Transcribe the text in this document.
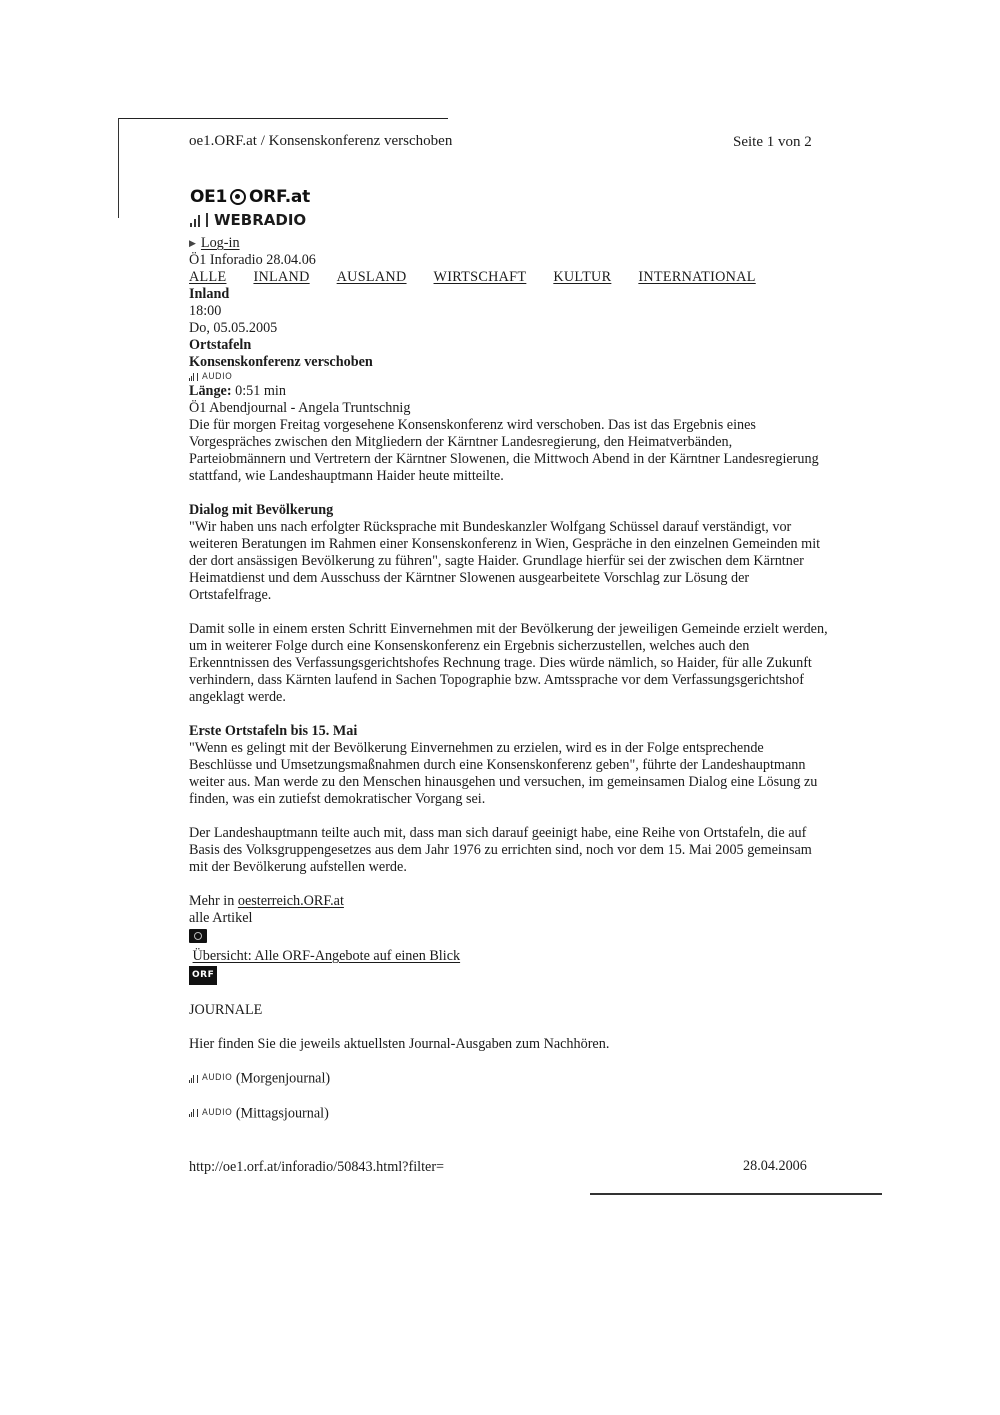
oe1.ORF.at / Konsenskonferenz verschoben	Seite 1 von 2
OE1 ORF.at
WEBRADIO
▶ Log-in
Ö1 Inforadio 28.04.06
ALLE INLAND AUSLAND WIRTSCHAFT KULTUR INTERNATIONAL
Inland
18:00
Do, 05.05.2005
Ortstafeln
Konsenskonferenz verschoben
AUDIO
Länge: 0:51 min
Ö1 Abendjournal - Angela Truntschnig

Die für morgen Freitag vorgesehene Konsenskonferenz wird verschoben. Das ist das Ergebnis eines Vorgespräches zwischen den Mitgliedern der Kärntner Landesregierung, den Heimatverbänden, Parteiobmännern und Vertretern der Kärntner Slowenen, die Mittwoch Abend in der Kärntner Landesregierung stattfand, wie Landeshauptmann Haider heute mitteilte.

Dialog mit Bevölkerung

"Wir haben uns nach erfolgter Rücksprache mit Bundeskanzler Wolfgang Schüssel darauf verständigt, vor weiteren Beratungen im Rahmen einer Konsenskonferenz in Wien, Gespräche in den einzelnen Gemeinden mit der dort ansässigen Bevölkerung zu führen", sagte Haider. Grundlage hierfür sei der zwischen dem Kärntner Heimatdienst und dem Ausschuss der Kärntner Slowenen ausgearbeitete Vorschlag zur Lösung der Ortstafelfrage.

Damit solle in einem ersten Schritt Einvernehmen mit der Bevölkerung der jeweiligen Gemeinde erzielt werden, um in weiterer Folge durch eine Konsenskonferenz ein Ergebnis sicherzustellen, welches auch den Erkenntnissen des Verfassungsgerichtshofes Rechnung trage. Dies würde nämlich, so Haider, für alle Zukunft verhindern, dass Kärnten laufend in Sachen Topographie bzw. Amtssprache vor dem Verfassungsgerichtshof angeklagt werde.

Erste Ortstafeln bis 15. Mai

"Wenn es gelingt mit der Bevölkerung Einvernehmen zu erzielen, wird es in der Folge entsprechende Beschlüsse und Umsetzungsmaßnahmen durch eine Konsenskonferenz geben", führte der Landeshauptmann weiter aus. Man werde zu den Menschen hinausgehen und versuchen, im gemeinsamen Dialog eine Lösung zu finden, was ein zutiefst demokratischer Vorgang sei.

Der Landeshauptmann teilte auch mit, dass man sich darauf geeinigt habe, eine Reihe von Ortstafeln, die auf Basis des Volksgruppengesetzes aus dem Jahr 1976 zu errichten sind, noch vor dem 15. Mai 2005 gemeinsam mit der Bevölkerung aufstellen werde.

Mehr in oesterreich.ORF.at
alle Artikel
Übersicht: Alle ORF-Angebote auf einen Blick
ORF
JOURNALE
Hier finden Sie die jeweils aktuellsten Journal-Ausgaben zum Nachhören.
AUDIO (Morgenjournal)
AUDIO (Mittagsjournal)
http://oe1.orf.at/inforadio/50843.html?filter=	28.04.2006
